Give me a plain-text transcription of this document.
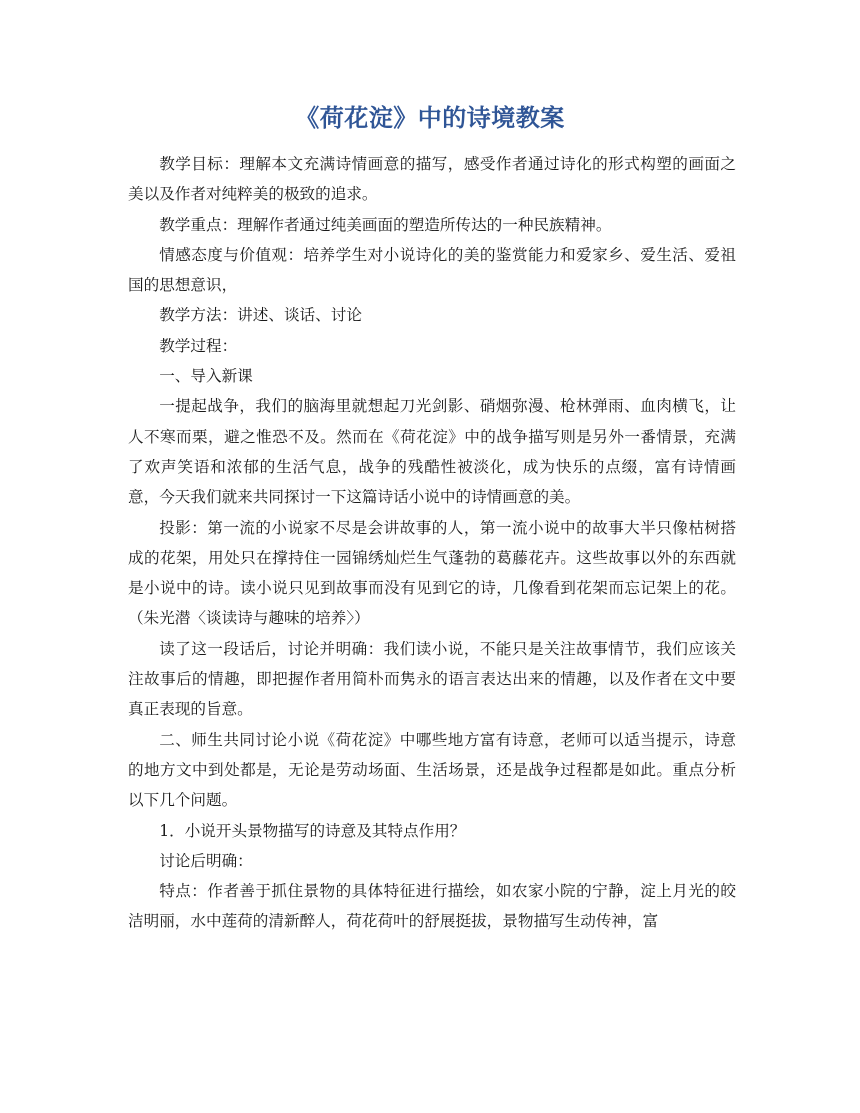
《荷花淀》中的诗境教案

教学目标：理解本文充满诗情画意的描写，感受作者通过诗化的形式构塑的画面之美以及作者对纯粹美的极致的追求。

教学重点：理解作者通过纯美画面的塑造所传达的一种民族精神。

情感态度与价值观：培养学生对小说诗化的美的鉴赏能力和爱家乡、爱生活、爱祖国的思想意识，

教学方法：讲述、谈话、讨论

教学过程：

一、导入新课

一提起战争，我们的脑海里就想起刀光剑影、硝烟弥漫、枪林弹雨、血肉横飞，让人不寒而栗，避之惟恐不及。然而在《荷花淀》中的战争描写则是另外一番情景，充满了欢声笑语和浓郁的生活气息，战争的残酷性被淡化，成为快乐的点缀，富有诗情画意，今天我们就来共同探讨一下这篇诗话小说中的诗情画意的美。

投影：第一流的小说家不尽是会讲故事的人，第一流小说中的故事大半只像枯树搭成的花架，用处只在撑持住一园锦绣灿烂生气蓬勃的葛藤花卉。这些故事以外的东西就是小说中的诗。读小说只见到故事而没有见到它的诗，几像看到花架而忘记架上的花。（朱光潜〈谈读诗与趣味的培养〉）

读了这一段话后，讨论并明确：我们读小说，不能只是关注故事情节，我们应该关注故事后的情趣，即把握作者用简朴而隽永的语言表达出来的情趣，以及作者在文中要真正表现的旨意。

二、师生共同讨论小说《荷花淀》中哪些地方富有诗意，老师可以适当提示，诗意的地方文中到处都是，无论是劳动场面、生活场景，还是战争过程都是如此。重点分析以下几个问题。

1．小说开头景物描写的诗意及其特点作用？

讨论后明确：

特点：作者善于抓住景物的具体特征进行描绘，如农家小院的宁静，淀上月光的皎洁明丽，水中莲荷的清新醉人，荷花荷叶的舒展挺拔，景物描写生动传神，富
